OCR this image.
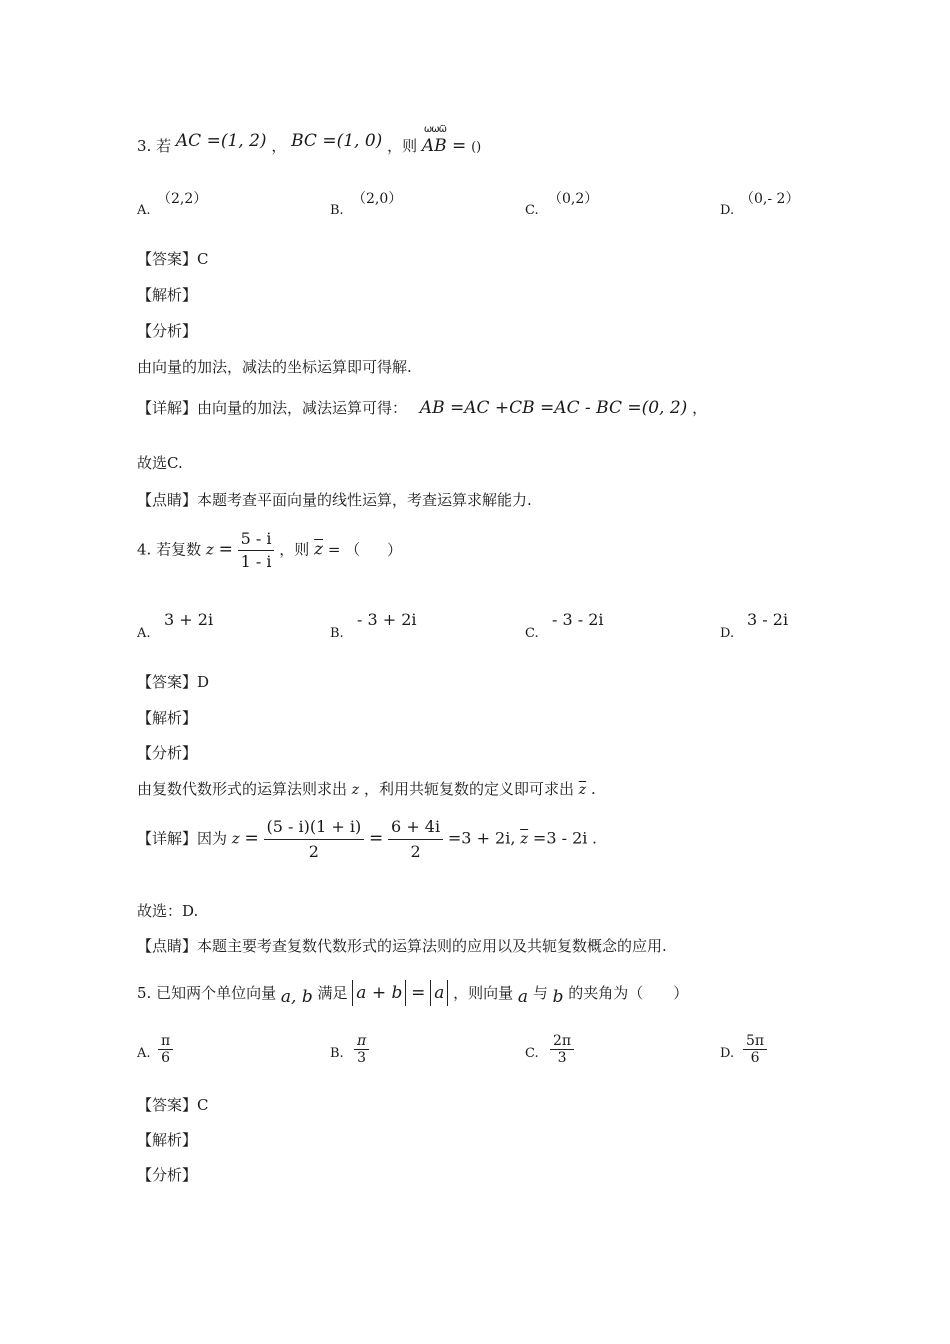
3. 若 AC =(1, 2) ， BC =(1, 0) ，则
ѡѡѿ
AB = ()
A.
（2,2）
B.
（2,0）
C.
（0,2）
D.
（0,- 2）
【答案】C
【解析】
【分析】
由向量的加法，减法的坐标运算即可得解.
【详解】由向量的加法，减法运算可得： AB =AC +CB =AC - BC =(0, 2) ，
故选C.
【点睛】本题考查平面向量的线性运算，考查运算求解能力.
4. 若复数 $z = \frac{5 - i}{1 - i}$ ，则 $\overline{z}$ = （ ）
A.
3 + 2i
B.
- 3 + 2i
C.
- 3 - 2i
D.
3 - 2i
【答案】D
【解析】
【分析】
由复数代数形式的运算法则求出 z ，利用共轭复数的定义即可求出 $\overline{z}$ .
【详解】因为 $z = \frac{(5 - i)(1 + i)}{2} = \frac{6 + 4i}{2} =3 + 2i$, $\overline{z} =3 - 2i$ .
故选：D.
【点睛】本题主要考查复数代数形式的运算法则的应用以及共轭复数概念的应用.
5. 已知两个单位向量 a, b 满足 a + b = a ，则向量 a 与 b 的夹角为（　　）
A. $\frac{\pi}{6}$	B. $\frac{\pi}{3}$	C. $\frac{2\pi}{3}$	D. $\frac{5\pi}{6}$
【答案】C
【解析】
【分析】
